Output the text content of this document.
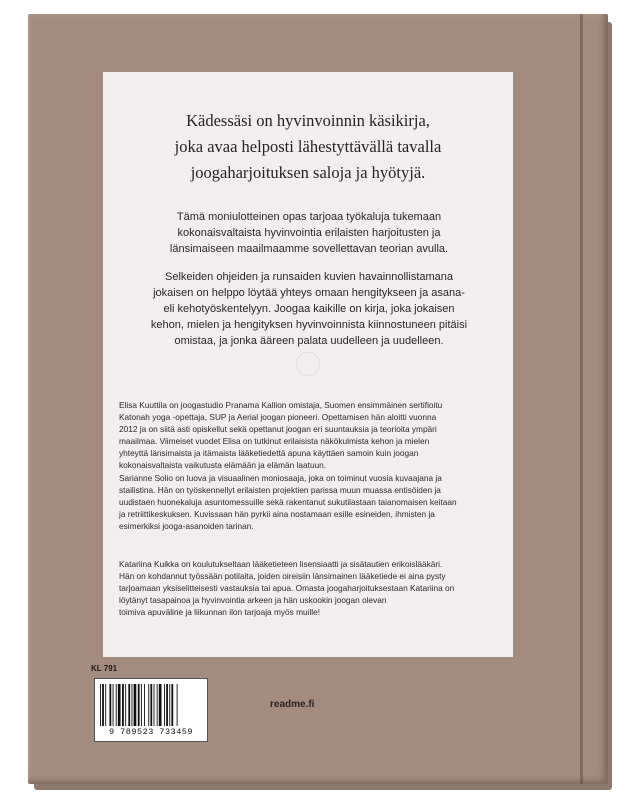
Kädessäsi on hyvinvoinnin käsikirja,
joka avaa helposti lähestyttävällä tavalla
joogaharjoituksen saloja ja hyötyjä.
Tämä moniulotteinen opas tarjoaa työkaluja tukemaan
kokonaisvaltaista hyvinvointia erilaisten harjoitusten ja
länsimaiseen maailmaamme sovellettavan teorian avulla.
Selkeiden ohjeiden ja runsaiden kuvien havainnollistamana
jokaisen on helppo löytää yhteys omaan hengitykseen ja asana-
eli kehotyöskentelyyn. Joogaa kaikille on kirja, joka jokaisen
kehon, mielen ja hengityksen hyvinvoinnista kiinnostuneen pitäisi
omistaa, ja jonka ääreen palata uudelleen ja uudelleen.
Elisa Kuuttila on joogastudio Pranama Kallion omistaja, Suomen ensimmäinen sertifioitu
Katonah yoga -opettaja, SUP ja Aerial joogan pioneeri. Opettamisen hän aloitti vuonna
2012 ja on siitä asti opiskellut sekä opettanut joogan eri suuntauksia ja teorioita ympäri
maailmaa. Viimeiset vuodet Elisa on tutkinut erilaisista näkökulmista kehon ja mielen
yhteyttä länsimaista ja itämaista lääketiedettä apuna käyttäen samoin kuin joogan
kokonaisvaltaista vaikutusta elämään ja elämän laatuun.
Sarianne Solio on luova ja visuaalinen moniosaaja, joka on toiminut vuosia kuvaajana ja
stailistina. Hän on työskennellyt erilaisten projektien parissa muun muassa entisöiden ja
uudistaen huonekaluja asuntomessuille sekä rakentanut sukutilastaan taianomaisen keitaan
ja retriittikeskuksen. Kuvissaan hän pyrkii aina nostamaan esille esineiden, ihmisten ja
esimerkiksi jooga-asanoiden tarinan.
Katariina Kuikka on koulutukseltaan lääketieteen lisensiaatti ja sisätautien erikoislääkäri.
Hän on kohdannut työssään potilaita, joiden oireisiin länsimainen lääketiede ei aina pysty
tarjoamaan yksiselitteisesti vastauksia tai apua. Omasta joogaharjoituksestaan Katariina on
löytänyt tasapainoa ja hyvinvointia arkeen ja hän uskookin joogan olevan
toimiva apuväline ja liikunnan ilon tarjoaja myös muille!
KL 791
9 789523 733459
readme.fi
